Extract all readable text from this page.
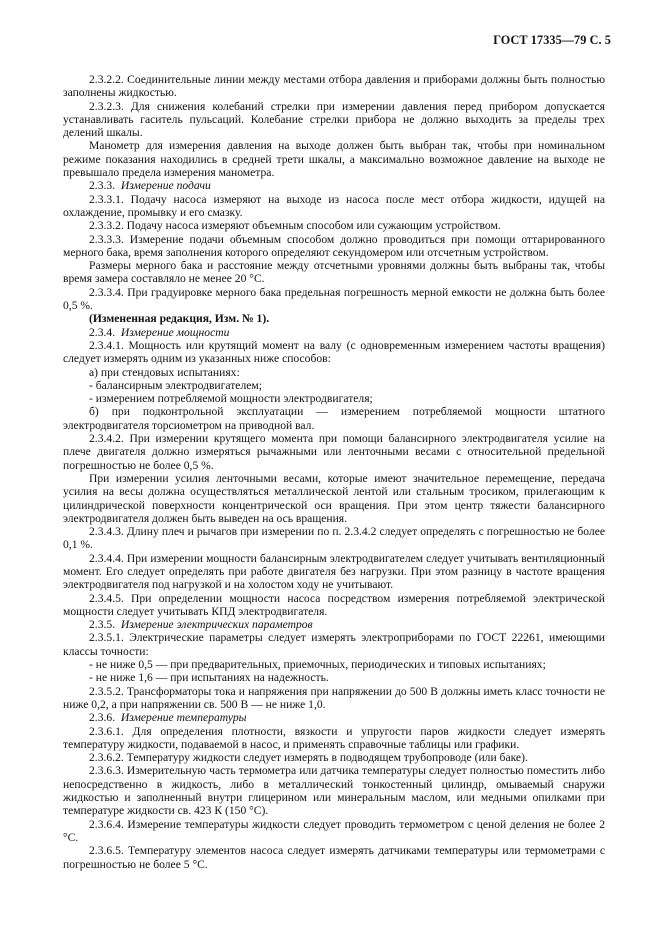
ГОСТ 17335—79 С. 5

2.3.2.2. Соединительные линии между местами отбора давления и приборами должны быть полностью заполнены жидкостью.

2.3.2.3. Для снижения колебаний стрелки при измерении давления перед прибором допускается устанавливать гаситель пульсаций. Колебание стрелки прибора не должно выходить за пределы трех делений шкалы.

Манометр для измерения давления на выходе должен быть выбран так, чтобы при номинальном режиме показания находились в средней трети шкалы, а максимально возможное давление на выходе не превышало предела измерения манометра.

2.3.3. Измерение подачи

2.3.3.1. Подачу насоса измеряют на выходе из насоса после мест отбора жидкости, идущей на охлаждение, промывку и его смазку.

2.3.3.2. Подачу насоса измеряют объемным способом или сужающим устройством.

2.3.3.3. Измерение подачи объемным способом должно проводиться при помощи оттарированного мерного бака, время заполнения которого определяют секундомером или отсчетным устройством.

Размеры мерного бака и расстояние между отсчетными уровнями должны быть выбраны так, чтобы время замера составляло не менее 20 °С.

2.3.3.4. При градуировке мерного бака предельная погрешность мерной емкости не должна быть более 0,5 %.

(Измененная редакция, Изм. № 1).

2.3.4. Измерение мощности

2.3.4.1. Мощность или крутящий момент на валу (с одновременным измерением частоты вращения) следует измерять одним из указанных ниже способов:

а) при стендовых испытаниях:

- балансирным электродвигателем;

- измерением потребляемой мощности электродвигателя;

б) при подконтрольной эксплуатации — измерением потребляемой мощности штатного электродвигателя торсиометром на приводной вал.

2.3.4.2. При измерении крутящего момента при помощи балансирного электродвигателя усилие на плече двигателя должно измеряться рычажными или ленточными весами с относительной предельной погрешностью не более 0,5 %.

При измерении усилия ленточными весами, которые имеют значительное перемещение, передача усилия на весы должна осуществляться металлической лентой или стальным тросиком, прилегающим к цилиндрической поверхности концентрической оси вращения. При этом центр тяжести балансирного электродвигателя должен быть выведен на ось вращения.

2.3.4.3. Длину плеч и рычагов при измерении по п. 2.3.4.2 следует определять с погрешностью не более 0,1 %.

2.3.4.4. При измерении мощности балансирным электродвигателем следует учитывать вентиляционный момент. Его следует определять при работе двигателя без нагрузки. При этом разницу в частоте вращения электродвигателя под нагрузкой и на холостом ходу не учитывают.

2.3.4.5. При определении мощности насоса посредством измерения потребляемой электрической мощности следует учитывать КПД электродвигателя.

2.3.5. Измерение электрических параметров

2.3.5.1. Электрические параметры следует измерять электроприборами по ГОСТ 22261, имеющими классы точности:

- не ниже 0,5 — при предварительных, приемочных, периодических и типовых испытаниях;

- не ниже 1,6 — при испытаниях на надежность.

2.3.5.2. Трансформаторы тока и напряжения при напряжении до 500 В должны иметь класс точности не ниже 0,2, а при напряжении св. 500 В — не ниже 1,0.

2.3.6. Измерение температуры

2.3.6.1. Для определения плотности, вязкости и упругости паров жидкости следует измерять температуру жидкости, подаваемой в насос, и применять справочные таблицы или графики.

2.3.6.2. Температуру жидкости следует измерять в подводящем трубопроводе (или баке).

2.3.6.3. Измерительную часть термометра или датчика температуры следует полностью поместить либо непосредственно в жидкость, либо в металлический тонкостенный цилиндр, омываемый снаружи жидкостью и заполненный внутри глицерином или минеральным маслом, или медными опилками при температуре жидкости св. 423 К (150 °С).

2.3.6.4. Измерение температуры жидкости следует проводить термометром с ценой деления не более 2 °С.

2.3.6.5. Температуру элементов насоса следует измерять датчиками температуры или термометрами с погрешностью не более 5 °С.
